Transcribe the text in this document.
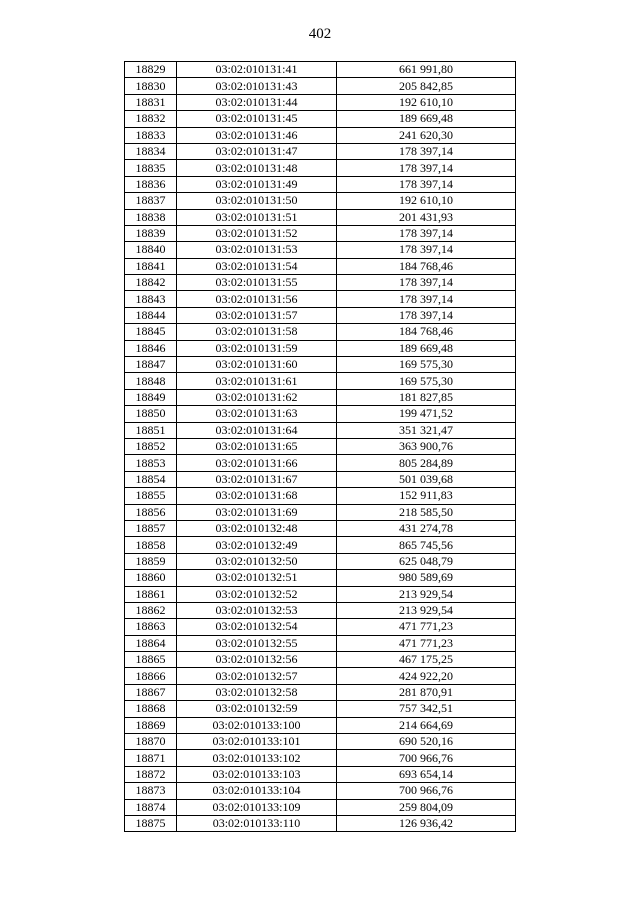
402
18829	03:02:010131:41	661 991,80
18830	03:02:010131:43	205 842,85
18831	03:02:010131:44	192 610,10
18832	03:02:010131:45	189 669,48
18833	03:02:010131:46	241 620,30
18834	03:02:010131:47	178 397,14
18835	03:02:010131:48	178 397,14
18836	03:02:010131:49	178 397,14
18837	03:02:010131:50	192 610,10
18838	03:02:010131:51	201 431,93
18839	03:02:010131:52	178 397,14
18840	03:02:010131:53	178 397,14
18841	03:02:010131:54	184 768,46
18842	03:02:010131:55	178 397,14
18843	03:02:010131:56	178 397,14
18844	03:02:010131:57	178 397,14
18845	03:02:010131:58	184 768,46
18846	03:02:010131:59	189 669,48
18847	03:02:010131:60	169 575,30
18848	03:02:010131:61	169 575,30
18849	03:02:010131:62	181 827,85
18850	03:02:010131:63	199 471,52
18851	03:02:010131:64	351 321,47
18852	03:02:010131:65	363 900,76
18853	03:02:010131:66	805 284,89
18854	03:02:010131:67	501 039,68
18855	03:02:010131:68	152 911,83
18856	03:02:010131:69	218 585,50
18857	03:02:010132:48	431 274,78
18858	03:02:010132:49	865 745,56
18859	03:02:010132:50	625 048,79
18860	03:02:010132:51	980 589,69
18861	03:02:010132:52	213 929,54
18862	03:02:010132:53	213 929,54
18863	03:02:010132:54	471 771,23
18864	03:02:010132:55	471 771,23
18865	03:02:010132:56	467 175,25
18866	03:02:010132:57	424 922,20
18867	03:02:010132:58	281 870,91
18868	03:02:010132:59	757 342,51
18869	03:02:010133:100	214 664,69
18870	03:02:010133:101	690 520,16
18871	03:02:010133:102	700 966,76
18872	03:02:010133:103	693 654,14
18873	03:02:010133:104	700 966,76
18874	03:02:010133:109	259 804,09
18875	03:02:010133:110	126 936,42
